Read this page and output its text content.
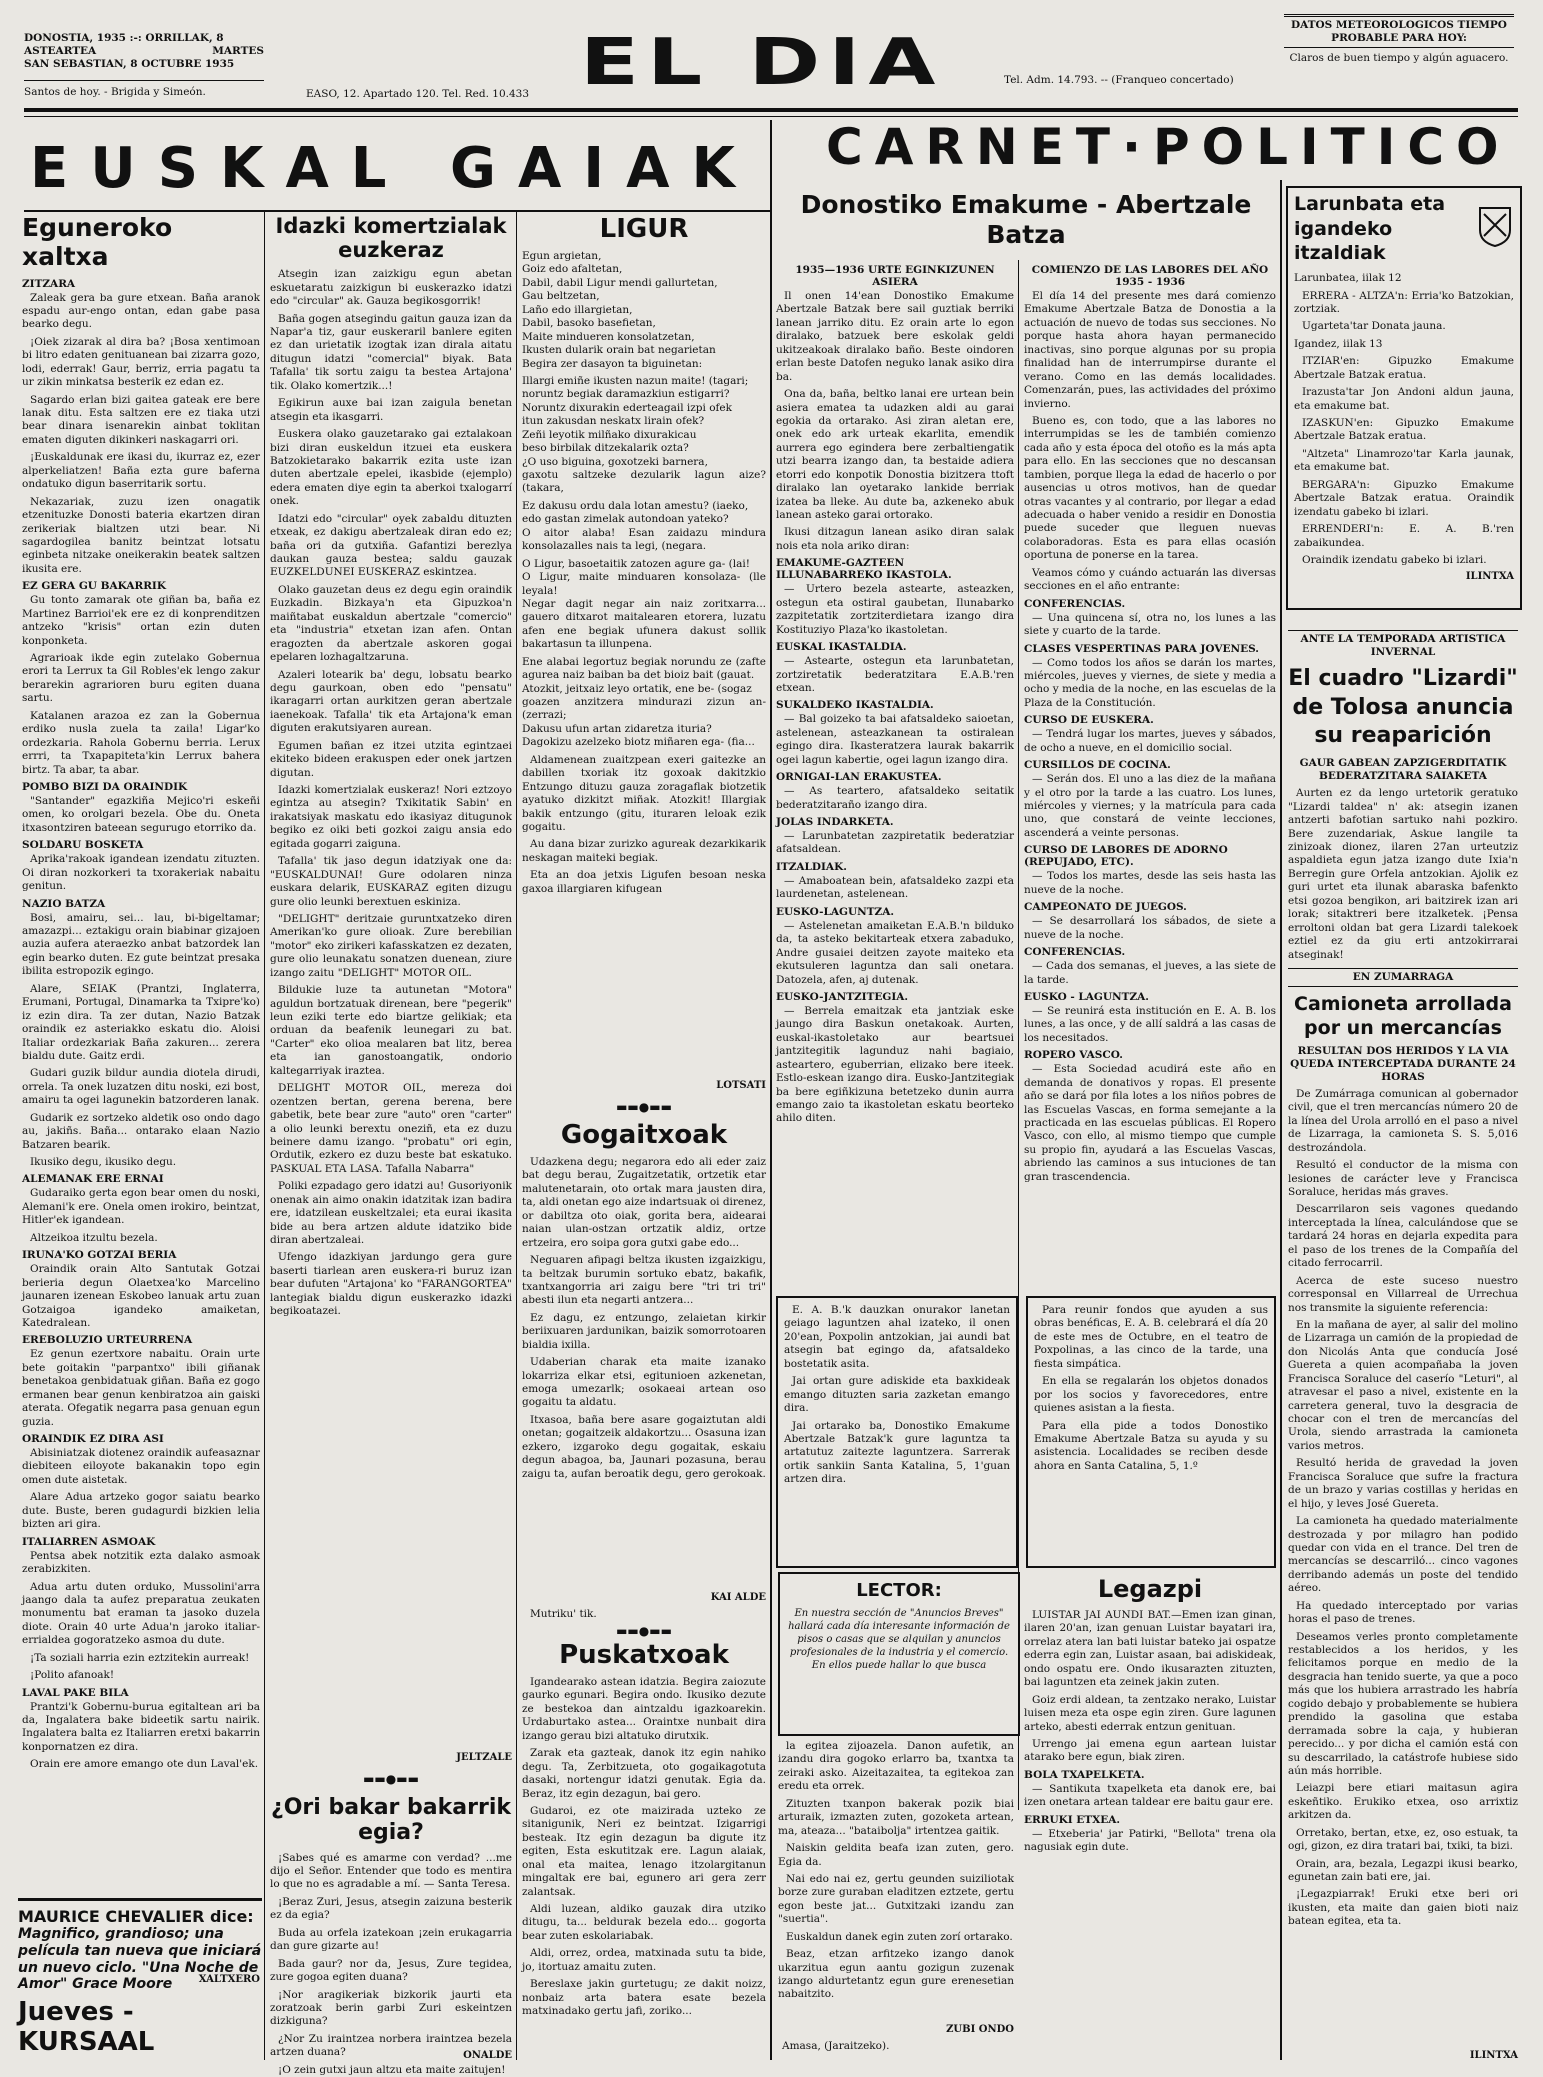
DONOSTIA, 1935 :-: ORRILLAK, 8
ASTEARTEA	MARTES
SAN SEBASTIAN, 8 OCTUBRE 1935
Santos de hoy. - Brigida y Simeón.	EL DIA
EASO, 12. Apartado 120. Tel. Red. 10.433
Tel. Adm. 14.793. -- (Franqueo concertado)
DATOS METEOROLOGICOS TIEMPO PROBABLE PARA HOY:
Claros de buen tiempo y algún aguacero.
EUSKAL GAIAK CARNET·POLITICO
Eguneroko xaltxa
ZITZARA

Zaleak gera ba gure etxean. Baña aranok espadu aur-engo ontan, edan gabe pasa bearko degu.

¡Oiek zizarak al dira ba? ¡Bosa xentimoan bi litro edaten genituanean bai zizarra gozo, lodi, ederrak! Gaur, berriz, erria pagatu ta ur zikin minkatsa besterik ez edan ez.

Sagardo erlan bizi gaitea gateak ere bere lanak ditu. Esta saltzen ere ez tiaka utzi bear dinara isenarekin ainbat toklitan ematen diguten dikinkeri naskagarri ori.

¡Euskaldunak ere ikasi du, ikurraz ez, ezer alperkeliatzen! Baña ezta gure baferna ondatuko digun baserritarik sortu.

Nekazariak, zuzu izen onagatik etzenituzke Donosti bateria ekartzen diran zerikeriak bialtzen utzi bear. Ni sagardogilea banitz beintzat lotsatu eginbeta nitzake oneikerakin beatek saltzen ikusita ere.

EZ GERA GU BAKARRIK

Gu tonto zamarak ote giñan ba, baña ez Martinez Barrioi'ek ere ez di konprenditzen antzeko "krisis" ortan ezin duten konponketa.

Agrarioak ikde egin zutelako Gobernua erori ta Lerrux ta Gil Robles'ek lengo zakur berarekin agrarioren buru egiten duana sartu.

Katalanen arazoa ez zan la Gobernua erdiko nusla zuela ta zaila! Ligar'ko ordezkaria. Rahola Gobernu berria. Lerux errri, ta Txapapiteta'kin Lerrux bahera birtz. Ta abar, ta abar.

POMBO BIZI DA ORAINDIK

"Santander" egazkiña Mejico'ri eskeñi omen, ko orolgari bezela. Obe du. Oneta itxasontziren bateean segurugo etorriko da.

SOLDARU BOSKETA

Aprika'rakoak igandean izendatu zituzten. Oi diran nozkorkeri ta txorakeriak nabaitu genitun.

NAZIO BATZA

Bosi, amairu, sei... lau, bi-bigeltamar; amazazpi... eztakigu orain biabinar gizajoen auzia aufera ateraezko anbat batzordek lan egin bearko duten. Ez gute beintzat presaka ibilita estropozik egingo.

Alare, SEIAK (Prantzi, Inglaterra, Erumani, Portugal, Dinamarka ta Txipre'ko) iz ezin dira. Ta zer dutan, Nazio Batzak oraindik ez asteriakko eskatu dio. Aloisi Italiar ordezkariak Baña zakuren... zerera bialdu dute. Gaitz erdi.

Gudari guzik bildur aundia diotela dirudi, orrela. Ta onek luzatzen ditu noski, ezi bost, amairu ta ogei lagunekin batzorderen lanak.

Gudarik ez sortzeko aldetik oso ondo dago au, jakiñs. Baña... ontarako elaan Nazio Batzaren bearik.

Ikusiko degu, ikusiko degu.

ALEMANAK ERE ERNAI

Gudaraiko gerta egon bear omen du noski, Alemani'k ere. Onela omen irokiro, beintzat, Hitler'ek igandean.

Altzeikoa itzultu bezela.

IRUNA'KO GOTZAI BERIA

Oraindik orain Alto Santutak Gotzai berieria degun Olaetxea'ko Marcelino jaunaren izenean Eskobeo lanuak artu zuan Gotzaigoa igandeko amaiketan, Katedralean.

EREBOLUZIO URTEURRENA

Ez genun ezertxore nabaitu. Orain urte bete goitakin "parpantxo" ibili giñanak benetakoa genbidatuak giñan. Baña ez gogo ermanen bear genun kenbiratzoa ain gaiski aterata. Ofegatik negarra pasa genuan egun guzia.

ORAINDIK EZ DIRA ASI

Abisiniatzak diotenez oraindik aufeasaznar diebiteen eiloyote bakanakin topo egin omen dute aistetak.

Alare Adua artzeko gogor saiatu bearko dute. Buste, beren gudagurdi bizkien lelia bizten ari gira.

ITALIARREN ASMOAK

Pentsa abek notzitik ezta dalako asmoak zerabizkiten.

Adua artu duten orduko, Mussolini'arra jaango dala ta aufez preparatua zeukaten monumentu bat eraman ta jasoko duzela diote. Orain 40 urte Adua'n jaroko italiar-errialdea gogoratzeko asmoa du dute.

¡Ta soziali harria ezin eztzitekin aurreak!

¡Polito afanoak!

LAVAL PAKE BILA

Prantzi'k Gobernu-burua egitaltean ari ba da, Ingalatera bake bideetik sartu nairik. Ingalatera balta ez Italiarren eretxi bakarrin konpornatzen ez dira.

Orain ere amore emango ote dun Laval'ek.

XALTXERO
MAURICE CHEVALIER dice:
Magnifico, grandioso; una película tan nueva que iniciará un nuevo ciclo. "Una Noche de Amor" Grace Moore
Jueves - KURSAAL
Idazki komertzialak euzkeraz

Atsegin izan zaizkigu egun abetan eskuetaratu zaizkigun bi euskerazko idatzi edo "circular" ak. Gauza begikosgorrik!

Baña gogen atsegindu gaitun gauza izan da Napar'a tiz, gaur euskeraril banlere egiten ez dan urietatik izogtak izan dirala aitatu ditugun idatzi "comercial" biyak. Bata Tafalla' tik sortu zaigu ta bestea Artajona' tik. Olako komertzik...!

Egikirun auxe bai izan zaigula benetan atsegin eta ikasgarri.

Euskera olako gauzetarako gai eztalakoan bizi diran euskeldun itzuei eta euskera Batzokietarako bakarrik ezita uste izan duten abertzale epelei, ikasbide (ejemplo) edera ematen diye egin ta aberkoi txalogarrí onek.

Idatzi edo "circular" oyek zabaldu dituzten etxeak, ez dakigu abertzaleak diran edo ez; baña ori da gutxiña. Gafantizi berezlya daukan gauza bestea; saldu gauzak EUZKELDUNEI EUSKERAZ eskintzea.

Olako gauzetan deus ez degu egin oraindik Euzkadin. Bizkaya'n eta Gipuzkoa'n maiñtabat euskaldun abertzale "comercio" eta "industria" etxetan izan afen. Ontan eragozten da abertzale askoren gogai epelaren lozhagaltzaruna.

Azaleri lotearik ba' degu, lobsatu bearko degu gaurkoan, oben edo "pensatu" ikaragarri ortan aurkitzen geran abertzale iaenekoak. Tafalla' tik eta Artajona'k eman diguten erakutsiyaren aurean.

Egumen bañan ez itzei utzita egintzaei ekiteko bideen erakuspen eder onek jartzen digutan.

Idazki komertzialak euskeraz! Nori eztzoyo egintza au atsegin? Txikitatik Sabin' en irakatsiyak maskatu edo ikasiyaz ditugunok begiko ez oiki beti gozkoi zaigu ansia edo egitada gogarri zaiguna.

Tafalla' tik jaso degun idatziyak one da: "EUSKALDUNAI! Gure odolaren ninza euskara delarik, EUSKARAZ egiten dizugu gure olio leunki berextuen eskiniza.

"DELIGHT" deritzaie guruntxatzeko diren Amerikan'ko gure olioak. Zure berebilian "motor" eko zirikeri kafasskatzen ez dezaten, gure olio leunakatu sonatzen duenean, ziure izango zaitu "DELIGHT" MOTOR OIL.

Bildukie luze ta autunetan "Motora" aguldun bortzatuak direnean, bere "pegerik" leun eziki terte edo biartze gelikiak; eta orduan da beafenik leunegari zu bat. "Carter" eko olioa mealaren bat litz, berea eta ian ganostoangatik, ondorio kaltegarriyak iraztea.

DELIGHT MOTOR OIL, mereza doi ozentzen bertan, gerena berena, bere gabetik, bete bear zure "auto" oren "carter" a olio leunki berextu oneziñ, eta ez duzu beinere damu izango. "probatu" ori egin, Ordutik, ezkero ez duzu beste bat eskatuko. PASKUAL ETA LASA. Tafalla Nabarra"

Poliki ezpadago gero idatzi au! Gusoriyonik onenak ain aimo onakin idatzitak izan badira ere, idatzilean euskeltzalei; eta eurai ikasita bide au bera artzen aldute idatziko bide diran abertzaleai.

Ufengo idazkiyan jardungo gera gure baserti tiarlean aren euskera-ri buruz izan bear dufuten "Artajona' ko "FARANGORTEA" lantegiak bialdu digun euskerazko idazki begikoatazei.

JELTZALE
▬▬●▬▬
¿Ori bakar bakarrik egia?

¡Sabes qué es amarme con verdad? ...me dijo el Señor. Entender que todo es mentira lo que no es agradable a mí. — Santa Teresa.

¡Beraz Zuri, Jesus, atsegin zaizuna besterik ez da egia?

Buda au orfela izatekoan ¡zein erukagarria dan gure gizarte au!

Bada gaur? nor da, Jesus, Zure tegidea, zure gogoa egiten duana?

¡Nor aragikeriak bizkorik jaurti eta zoratzoak berin garbi Zuri eskeintzen dizkiguna?

¿Nor Zu iraintzea norbera iraintzea bezela artzen duana?

¡O zein gutxi jaun altzu eta maite zaitujen!

ONALDE
LIGUR

Egun argietan,
Goiz edo afaltetan,
Dabil, dabil Ligur mendi gallurtetan,
Gau beltzetan,
Laño edo illargietan,
Dabil, basoko basefietan,
Maite mindueren konsolatzetan,
Ikusten dularik orain bat negarietan
Begira zer dasayon ta biguinetan:

Illargi emiñe ikusten nazun maite! (tagari;
noruntz begiak daramazkiun estigarri?
Noruntz dixurakin ederteagail izpi ofek
itun zakusdan neskatx lirain ofek?
Zeñi leyotik milñako dixurakicau
beso birbilak ditzekalarik ozta?
¿O uso biguina, goxotzeki barnera,
gaxotu saltzeke dezularik lagun aize? (takara,

Ez dakusu ordu dala lotan amestu? (iaeko,
edo gastan zimelak autondoan yateko?
O aitor alaba! Esan zaidazu mindura konsolazalles nais ta legi, (negara.

O Ligur, basoetaitik zatozen agure ga- (lai!
O Ligur, maite minduaren konsolaza- (lle leyala!
Negar dagit negar ain naiz zoritxarra... gauero ditxarot maitalearen etorera, luzatu afen ene begiak ufunera dakust sollik bakartasun ta illunpena.

Ene alabai legortuz begiak norundu ze (zafte agurea naiz baiban ba det bioiz bait (gauat.
Atozkit, jeitxaiz leyo ortatik, ene be- (sogaz
goazen anzitzera mindurazi zizun an- (zerrazi;
Dakusu ufun artan zidaretza ituria?
Dagokizu azelzeko biotz miñaren ega- (fia...

Aldamenean zuaitzpean exeri gaitezke an dabillen txoriak itz goxoak dakitzkio Entzungo dituzu gauza zoragaflak biotzetik ayatuko dizkitzt miñak. Atozkit! Illargiak bakik entzungo (gitu, ituraren leloak ezik gogaitu.

Au dana bizar zurizko agureak dezarkikarik neskagan maiteki begiak.

Eta an doa jetxis Ligufen besoan neska gaxoa illargiaren kifugean

LOTSATI
▬▬●▬▬
Gogaitxoak

Udazkena degu; negarora edo ali eder zaiz bat degu berau, Zugaitzetatik, ortzetik etar malutenetarain, oto ortak mara jausten dira, ta, aldi onetan ego aize indartsuak oi direnez, or dabiltza oto oiak, gorita bera, aidearai naian ulan-ostzan ortzatik aldiz, ortze ertzeira, ero soipa gora gutxi gabe edo...

Neguaren afipagi beltza ikusten izgaizkigu, ta beltzak burumin sortuko ebatz, bakafik, txantxangorria ari zaigu bere "tri tri tri" abesti ilun eta negarti antzera...

Ez dagu, ez entzungo, zelaietan kirkir beriixuaren jardunikan, baizik somorrotoaren bialdia ixilla.

Udaberian charak eta maite izanako lokarriza elkar etsi, egitunioen azkenetan, emoga umezarlk; osokaeai artean oso gogaitu ta aldatu.

Itxasoa, baña bere asare gogaiztutan aldi onetan; gogaitzeik aldakortzu... Osasuna izan ezkero, izgaroko degu gogaitak, eskaiu degun abagoa, ba, Jaunari pozasuna, berau zaigu ta, aufan beroatik degu, gero gerokoak.

KAI ALDE
Mutriku' tik.
▬▬●▬▬
Puskatxoak

Igandearako astean idatzia. Begira zaiozute gaurko egunari. Begira ondo. Ikusiko dezute ze bestekoa dan aintzaldu igazkoarekin. Urdaburtako astea... Oraintxe nunbait dira izango gerau bizi altatuko dirutxik.

Zarak eta gazteak, danok itz egin nahiko degu. Ta, Zerbitzueta, oto gogaikagotuta dasaki, nortengur idatzi genutak. Egia da. Beraz, itz egin dezagun, bai gero.

Gudaroi, ez ote maizirada uzteko ze sitanigunik, Neri ez beintzat. Izigarrigi besteak. Itz egin dezagun ba digute itz egiten, Esta eskutitzak ere. Lagun alaiak, onal eta maitea, lenago itzolargitanun mingaltak ere bai, egunero ari gera zerr zalantsak.

Aldi luzean, aldiko gauzak dira utziko ditugu, ta... beldurak bezela edo... gogorta bear zuten eskolariabak.

Aldi, orrez, ordea, matxinada sutu ta bide, jo, itortuaz amaitu zuten.

Bereslaxe jakin gurtetugu; ze dakit noizz, nonbaiz arta batera esate bezela matxinadako gertu jafi, zoriko...

Donostiko Emakume - Abertzale Batza
1935—1936 URTE EGINKIZUNEN ASIERA

Il onen 14'ean Donostiko Emakume Abertzale Batzak bere sail guztiak berriki lanean jarriko ditu. Ez orain arte lo egon diralako, batzuek bere eskolak geldi ukitzeakoak diralako baño. Beste oindoren erlan beste Datofen neguko lanak asiko dira ba.

Ona da, baña, beltko lanai ere urtean bein asiera ematea ta udazken aldi au garai egokia da ortarako. Asi ziran aletan ere, onek edo ark urteak ekarlita, emendik aurrera ego egindera bere zerbaltiengatik utzi bearra izango dan, ta bestaide adiera etorri edo konpotik Donostia bizitzera ttoft diralako lan oyetarako lankide berriak izatea ba lleke. Au dute ba, azkeneko abuk lanean asteko garai ortorako.

Ikusi ditzagun lanean asiko diran salak nois eta nola ariko diran:

EMAKUME-GAZTEEN ILLUNABARREKO IKASTOLA.

— Urtero bezela asteartе, asteazken, ostegun eta ostiral gaubetan, Ilunabarko zazpitetatik zortziterdietara izango dira Kostituziyo Plaza'ko ikastoletan.

EUSKAL IKASTALDIA.

— Astearte, ostegun eta larunbatetan, zortziretatik bederatzitara E.A.B.'ren etxean.

SUKALDEKO IKASTALDIA.

— Bal goizeko ta bai afatsaldeko saioetan, astelenean, asteazkanean ta ostiralean egingo dira. Ikasteratzera laurak bakarrik ogei lagun kabertie, ogei lagun izango dira.

ORNIGAI-LAN ERAKUSTEA.

— As teartero, afatsaldeko seitatik bederatzitaraño izango dira.

JOLAS INDARKETA.

— Larunbatetan zazpiretatik bederatziar afatsaldean.

ITZALDIAK.

— Amaboatean bein, afatsaldeko zazpi eta laurdenetan, astelenean.

EUSKO-LAGUNTZA.

— Astelenetan amaiketan E.A.B.'n bilduko da, ta asteko bekitarteak etxera zabaduko, Andre gusaiei deitzen zayote maiteko eta ekutsuleren laguntza dan sali onetara. Datozela, afen, aj dutenak.

EUSKO-JANTZITEGIA.

— Berrela emaitzak eta jantziak eske jaungo dira Baskun onetakoak. Aurten, euskal-ikastoletako aur beartsuei jantzitegitik lagunduz nahi bagiaio, asteartero, eguberrian, elizako bere iteek. Estlo-eskean izango dira. Eusko-Jantzitegiak ba bere egiñkizuna betetzeko dunin aurra emango zaio ta ikastoletan eskatu beorteko ahilo diten.

COMIENZO DE LAS LABORES DEL AÑO 1935 - 1936

El día 14 del presente mes dará comienzo Emakume Abertzale Batza de Donostia a la actuación de nuevo de todas sus secciones. No porque hasta ahora hayan permanecido inactivas, sino porque algunas por su propia finalidad han de interrumpirse durante el verano. Como en las demás localidades. Comenzarán, pues, las actividades del próximo invierno.

Bueno es, con todo, que a las labores no interrumpidas se les de también comienzo cada año y esta época del otoño es la más apta para ello. En las secciones que no descansan tambien, porque llega la edad de hacerlo o por ausencias u otros motivos, han de quedar otras vacantes y al contrario, por llegar a edad adecuada o haber venido a residir en Donostia puede suceder que lleguen nuevas colaboradoras. Esta es para ellas ocasión oportuna de ponerse en la tarea.

Veamos cómo y cuándo actuarán las diversas secciones en el año entrante:

CONFERENCIAS.

— Una quincena sí, otra no, los lunes a las siete y cuarto de la tarde.

CLASES VESPERTINAS PARA JOVENES.

— Como todos los años se darán los martes, miércoles, jueves y viernes, de siete y media a ocho y media de la noche, en las escuelas de la Plaza de la Constitución.

CURSO DE EUSKERA.

— Tendrá lugar los martes, jueves y sábados, de ocho a nueve, en el domicilio social.

CURSILLOS DE COCINA.

— Serán dos. El uno a las diez de la mañana y el otro por la tarde a las cuatro. Los lunes, miércoles y viernes; y la matrícula para cada uno, que constará de veinte lecciones, ascenderá a veinte personas.

CURSO DE LABORES DE ADORNO (REPUJADO, ETC).

— Todos los martes, desde las seis hasta las nueve de la noche.

CAMPEONATO DE JUEGOS.

— Se desarrollará los sábados, de siete a nueve de la noche.

CONFERENCIAS.

— Cada dos semanas, el jueves, a las siete de la tarde.

EUSKO - LAGUNTZA.

— Se reunirá esta institución en E. A. B. los lunes, a las once, y de allí saldrá a las casas de los necesitados.

ROPERO VASCO.

— Esta Sociedad acudirá este año en demanda de donativos y ropas. El presente año se dará por fila lotes a los niños pobres de las Escuelas Vascas, en forma semejante a la practicada en las escuelas públicas. El Ropero Vasco, con ello, al mismo tiempo que cumple su propio fin, ayudará a las Escuelas Vascas, abriendo las caminos a sus intuciones de tan gran trascendencia.

E. A. B.'k dauzkan onurakor lanetan geiago laguntzen ahal izateko, il onen 20'ean, Poxpolin antzokian, jai aundi bat atsegin bat egingo da, afatsaldeko bostetatik asita.

Jai ortan gure adiskide eta baxkideak emango dituzten saria zazketan emango dira.

Jai ortarako ba, Donostiko Emakume Abertzale Batzak'k gure laguntza ta artatutuz zaitezte laguntzera. Sarrerak ortik sankiin Santa Katalina, 5, 1'guan artzen dira.

Para reunir fondos que ayuden a sus obras benéficas, E. A. B. celebrará el día 20 de este mes de Octubre, en el teatro de Poxpolinas, a las cinco de la tarde, una fiesta simpática.

En ella se regalarán los objetos donados por los socios y favorecedores, entre quienes asistan a la fiesta.

Para ella pide a todos Donostiko Emakume Abertzale Batza su ayuda y su asistencia. Localidades se reciben desde ahora en Santa Catalina, 5, 1.º

LECTOR:
En nuestra sección de "Anuncios Breves" hallará cada día interesante información de pisos o casas que se alquilan y anuncios profesionales de la industria y el comercio. En ellos puede hallar lo que busca

la egitea zijoazela. Danon aufetik, an izandu dira gogoko erlarro ba, txantxa ta zeiraki asko. Aizeitazaitea, ta egitekoa zan eredu eta orrek.

Zituzten txanpon bakerak pozik biai arturaik, izmazten zuten, gozoketa artean, ma, ateaza... "bataibolja" irtentzea gaitik.

Naiskin geldita beafa izan zuten, gero. Egia da.

Nai edo nai ez, gertu geunden suiziliotak borze zure guraban eladitzen eztzete, gertu egon beste jat... Gutxitzaki izandu zan "suertia".

Euskaldun danek egin zuten zorí ortarako.

Beaz, etzan arfitzeko izango danok ukarzitua egun aantu gozigun zuzenak izango aldurtetantz egun gure erenesetian nabaitzito.

ZUBI ONDO
Amasa, (Jaraitzeko).
Legazpi

LUISTAR JAI AUNDI BAT.—Emen izan ginan, ilaren 20'an, izan genuan Luistar bayatari ira, orrelaz atera lan bati luistar bateko jai ospatze ederra egin zan, Luistar asaan, bai adiskideak, ondo ospatu ere. Ondo ikusarazten zituzten, bai laguntzen eta zeinek jakin zuten.

Goiz erdi aldean, ta zentzako nerako, Luistar luisen meza eta ospe egin ziren. Gure lagunen arteko, abesti ederrak entzun genituan.

Urrengo jai emena egun aartean luistar atarako bere egun, biak ziren.

BOLA TXAPELKETA.

— Santikuta txapelketa eta danok ere, bai izen onetara artean taldear ere baitu gaur ere.

ERRUKI ETXEA.

— Etxeberia' jar Patirki, "Bellota" trena ola nagusiak egin dute.

Larunbata eta igandeko itzaldiak

Larunbatea, iilak 12

ERRERA - ALTZA'n: Erria'ko Batzokian, zortziak.

Ugarteta'tar Donata jauna.

Igandez, iilak 13

ITZIAR'en: Gipuzko Emakume Abertzale Batzak eratua.

Irazusta'tar Jon Andoni aldun jauna, eta emakume bat.

IZASKUN'en: Gipuzko Emakume Abertzale Batzak eratua.

"Altzeta" Linamrozo'tar Karla jaunak, eta emakume bat.

BERGARA'n: Gipuzko Emakume Abertzale Batzak eratua. Oraindik izendatu gabeko bi izlari.

ERRENDERI'n: E. A. B.'ren zabaikundea.

Oraindik izendatu gabeko bi izlari.

ILINTXA
ANTE LA TEMPORADA ARTISTICA INVERNAL
El cuadro "Lizardi" de Tolosa anuncia su reaparición
GAUR GABEAN ZAPZIGERDITATIK BEDERATZITARA SAIAKETA

Aurten ez da lengo urtetorik geratuko "Lizardi taldea" n' ak: atsegin izanen antzerti bafotian sartuko nahi pozkiro. Bere zuzendariak, Askue langile ta zinizoak dionez, ilaren 27an urteutziz aspaldieta egun jatza izango dute Ixia'n Berregin gure Orfela antzokian. Ajolik ez guri urtet eta ilunak abaraska bafenkto etsi gozoa bengikon, ari baitzirek izan ari lorak; sitaktreri bere itzalketek. ¡Pensa erroltoni oldan bat gera Lizardi talekoek eztiel ez da giu erti antzokirrarai atseginak!

EN ZUMARRAGA
Camioneta arrollada por un mercancías
RESULTAN DOS HERIDOS Y LA VIA QUEDA INTERCEPTADA DURANTE 24 HORAS

De Zumárraga comunican al gobernador civil, que el tren mercancías número 20 de la línea del Urola arrolló en el paso a nivel de Lizarraga, la camioneta S. S. 5,016 destrozándola.

Resultó el conductor de la misma con lesiones de carácter leve y Francisca Soraluce, heridas más graves.

Descarrilaron seis vagones quedando interceptada la línea, calculándose que se tardará 24 horas en dejarla expedita para el paso de los trenes de la Compañía del citado ferrocarril.

Acerca de este suceso nuestro corresponsal en Villarreal de Urrechua nos transmite la siguiente referencia:

En la mañana de ayer, al salir del molino de Lizarraga un camión de la propiedad de don Nicolás Anta que conducía José Guereta a quien acompañaba la joven Francisca Soraluce del caserío "Leturi", al atravesar el paso a nivel, existente en la carretera general, tuvo la desgracia de chocar con el tren de mercancías del Urola, siendo arrastrada la camioneta varios metros.

Resultó herida de gravedad la joven Francisca Soraluce que sufre la fractura de un brazo y varias costillas y heridas en el hijo, y leves José Guereta.

La camioneta ha quedado materialmente destrozada y por milagro han podido quedar con vida en el trance. Del tren de mercancías se descarriló... cinco vagones derribando además un poste del tendido aéreo.

Ha quedado interceptado por varias horas el paso de trenes.

Deseamos verles pronto completamente restablecidos a los heridos, y les felicitamos porque en medio de la desgracia han tenido suerte, ya que a poco más que los hubiera arrastrado les habría cogido debajo y probablemente se hubiera prendido la gasolina que estaba derramada sobre la caja, y hubieran perecido... y por dicha el camión está con su descarrilado, la catástrofe hubiese sido aún más horrible.

Leiazpi bere etiari maitasun agira eskeñtiko. Erukiko etxea, oso arrixtiz arkitzen da.

Orretako, bertan, etxe, ez, oso estuak, ta ogi, gizon, ez dira tratari bai, txiki, ta bizi.

Orain, ara, bezala, Legazpi ikusi bearko, egunetan zain bati ere, jai.

¡Legazpiarrak! Eruki etxe beri ori ikusten, eta maite dan gaien bioti naiz batean egitea, eta ta.

ILINTXA
